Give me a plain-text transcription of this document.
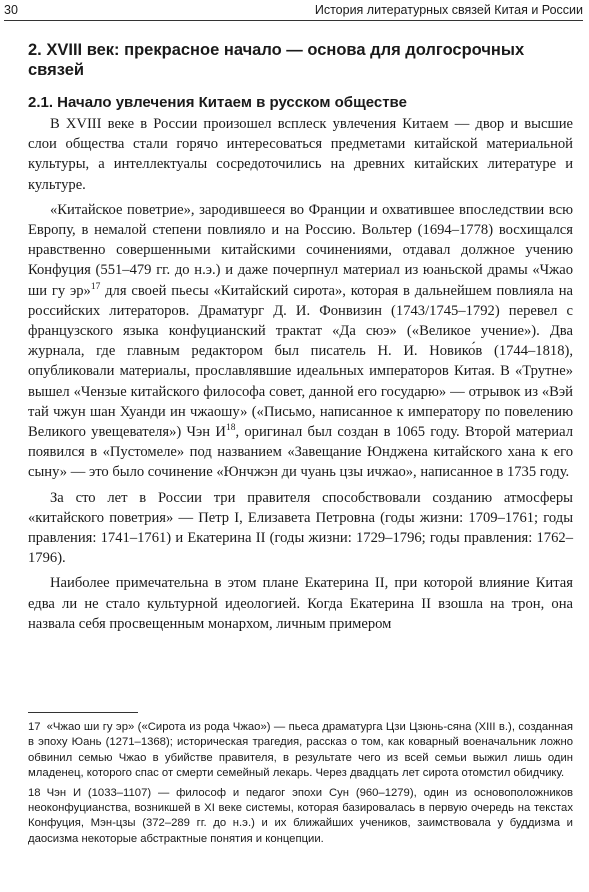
30	История литературных связей Китая и России
2. XVIII век: прекрасное начало — основа для долгосрочных связей
2.1. Начало увлечения Китаем в русском обществе

В XVIII веке в России произошел всплеск увлечения Китаем — двор и высшие слои общества стали горячо интересоваться предметами китайской материальной культуры, а интеллектуалы сосредоточились на древних китайских литературе и культуре.

«Китайское поветрие», зародившееся во Франции и охватившее впоследствии всю Европу, в немалой степени повлияло и на Россию. Вольтер (1694–1778) восхищался нравственно совершенными китайскими сочинениями, отдавал должное учению Конфуция (551–479 гг. до н.э.) и даже почерпнул материал из юаньской драмы «Чжао ши гу эр»$^{17}$ для своей пьесы «Китайский сирота», которая в дальнейшем повлияла на российских литераторов. Драматург Д. И. Фонвизин (1743/1745–1792) перевел с французского языка конфуцианский трактат «Да сюэ» («Великое учение»). Два журнала, где главным редактором был писатель Н. И. Новико́в (1744–1818), опубликовали материалы, прославлявшие идеальных императоров Китая. В «Трутне» вышел «Чензые китайского философа совет, данной его государю» — отрывок из «Вэй тай чжун шан Хуанди ин чжаошу» («Письмо, написанное к императору по повелению Великого увещевателя») Чэн $И^{18}$, оригинал был создан в 1065 году. Второй материал появился в «Пустомеле» под названием «Завещание Юнджена китайского хана к его сыну» — это было сочинение «Юнчжэн ди чуань цзы ичжао», написанное в 1735 году.

За сто лет в России три правителя способствовали созданию атмосферы «китайского поветрия» — Петр I, Елизавета Петровна (годы жизни: 1709–1761; годы правления: 1741–1761) и Екатерина II (годы жизни: 1729–1796; годы правления: 1762–1796).

Наиболее примечательна в этом плане Екатерина II, при которой влияние Китая едва ли не стало культурной идеологией. Когда Екатерина II взошла на трон, она назвала себя просвещенным монархом, личным примером

17 «Чжао ши гу эр» («Сирота из рода Чжао») — пьеса драматурга Цзи Цзюнь-сяна (XIII в.), созданная в эпоху Юань (1271–1368); историческая трагедия, рассказ о том, как коварный военачальник ложно обвинил семью Чжао в убийстве правителя, в результате чего из всей семьи выжил лишь один младенец, которого спас от смерти семейный лекарь. Через двадцать лет сирота отомстил обидчику.

18 Чэн И (1033–1107) — философ и педагог эпохи Сун (960–1279), один из основоположников неоконфуцианства, возникшей в XI веке системы, которая базировалась в первую очередь на текстах Конфуция, Мэн-цзы (372–289 гг. до н.э.) и их ближайших учеников, заимствовала у буддизма и даосизма некоторые абстрактные понятия и концепции.
